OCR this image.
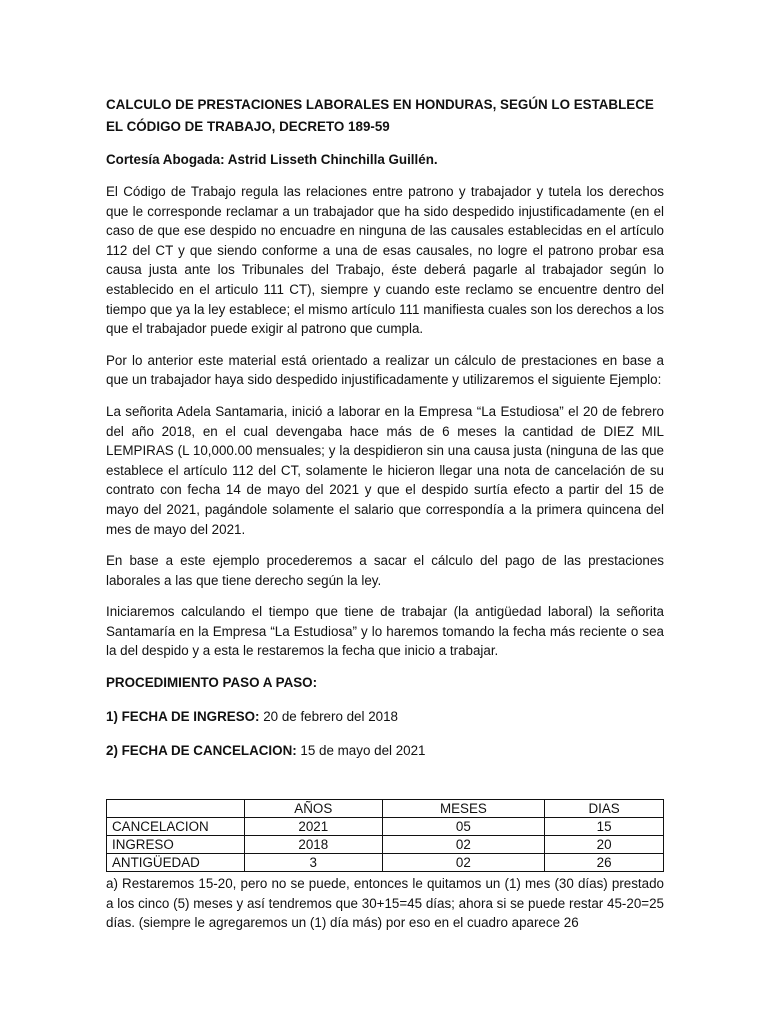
CALCULO DE PRESTACIONES LABORALES EN HONDURAS, SEGÚN LO ESTABLECE EL CÓDIGO DE TRABAJO, DECRETO 189-59
Cortesía Abogada: Astrid Lisseth Chinchilla Guillén.

El Código de Trabajo regula las relaciones entre patrono y trabajador y tutela los derechos que le corresponde reclamar a un trabajador que ha sido despedido injustificadamente (en el caso de que ese despido no encuadre en ninguna de las causales establecidas en el artículo 112 del CT y que siendo conforme a una de esas causales, no logre el patrono probar esa causa justa ante los Tribunales del Trabajo, éste deberá pagarle al trabajador según lo establecido en el articulo 111 CT), siempre y cuando este reclamo se encuentre dentro del tiempo que ya la ley establece; el mismo artículo 111 manifiesta cuales son los derechos a los que el trabajador puede exigir al patrono que cumpla.

Por lo anterior este material está orientado a realizar un cálculo de prestaciones en base a que un trabajador haya sido despedido injustificadamente y utilizaremos el siguiente Ejemplo:

La señorita Adela Santamaria, inició a laborar en la Empresa “La Estudiosa” el 20 de febrero del año 2018, en el cual devengaba hace más de 6 meses la cantidad de DIEZ MIL LEMPIRAS (L 10,000.00 mensuales; y la despidieron sin una causa justa (ninguna de las que establece el artículo 112 del CT, solamente le hicieron llegar una nota de cancelación de su contrato con fecha 14 de mayo del 2021 y que el despido surtía efecto a partir del 15 de mayo del 2021, pagándole solamente el salario que correspondía a la primera quincena del mes de mayo del 2021.

En base a este ejemplo procederemos a sacar el cálculo del pago de las prestaciones laborales a las que tiene derecho según la ley.

Iniciaremos calculando el tiempo que tiene de trabajar (la antigüedad laboral) la señorita Santamaría en la Empresa “La Estudiosa” y lo haremos tomando la fecha más reciente o sea la del despido y a esta le restaremos la fecha que inicio a trabajar.

PROCEDIMIENTO PASO A PASO:
1) FECHA DE INGRESO: 20 de febrero del 2018
2) FECHA DE CANCELACION: 15 de mayo del 2021
	AÑOS	MESES	DIAS
CANCELACION	2021	05	15
INGRESO	2018	02	20
ANTIGÜEDAD	3	02	26

a) Restaremos 15-20, pero no se puede, entonces le quitamos un (1) mes (30 días) prestado a los cinco (5) meses y así tendremos que 30+15=45 días; ahora si se puede restar 45-20=25 días. (siempre le agregaremos un (1) día más) por eso en el cuadro aparece 26
